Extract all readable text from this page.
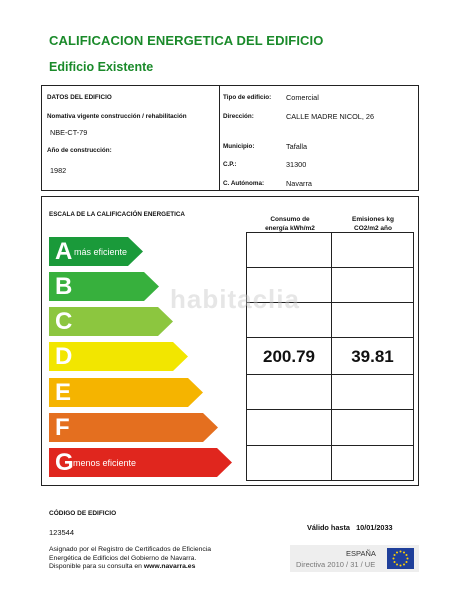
CALIFICACION ENERGETICA DEL EDIFICIO
Edificio Existente
DATOS DEL EDIFICIO
Nomativa vigente construcción / rehabilitación
NBE-CT-79
Año de construcción:
1982
Tipo de edificio: Comercial
Dirección:	CALLE MADRE NICOL, 26
Municipio:	Tafalla
C.P.:	31300
C. Autónoma:	Navarra
ESCALA DE LA CALIFICACIÓN ENERGETICA
Consumo de
energía kWh/m2
Emisiones kg
CO2/m2 año
200.79	39.81
A más eficiente
B
C
D
E
F
G menos eficiente
habitaclia
CÓDIGO DE EDIFICIO
123544
Asignado por el Registro de Certificados de Eficiencia
Energética de Edificios del Gobierno de Navarra.
Disponible para su consulta en www.navarra.es
Válido hasta 10/01/2033
ESPAÑA
Directiva 2010 / 31 / UE
